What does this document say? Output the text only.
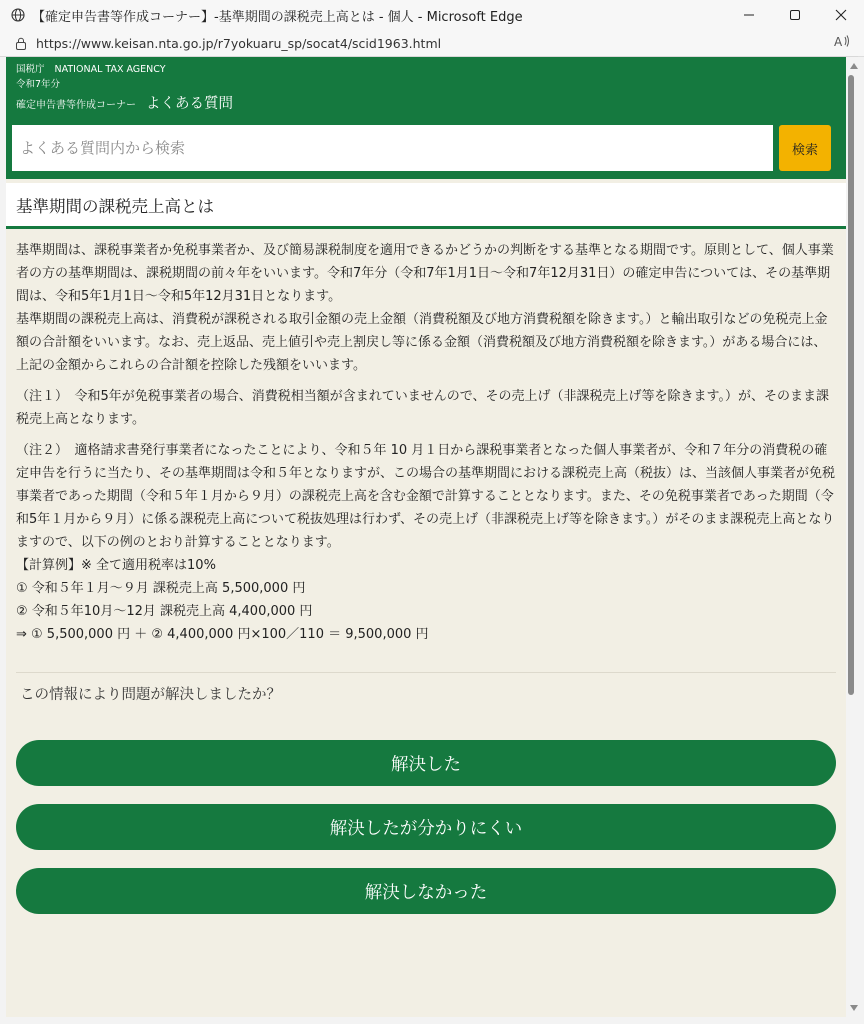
【確定申告書等作成コーナー】-基準期間の課税売上高とは - 個人 - Microsoft Edge
https://www.keisan.nta.go.jp/r7yokuaru_sp/socat4/scid1963.html	A
国税庁 NATIONAL TAX AGENCY
令和7年分
確定申告書等作成コーナー よくある質問
よくある質問内から検索
検索
基準期間の課税売上高とは

基準期間は、課税事業者か免税事業者か、及び簡易課税制度を適用できるかどうかの判断をする基準となる期間です。原則として、個人事業者の方の基準期間は、課税期間の前々年をいいます。令和7年分（令和7年1月1日～令和7年12月31日）の確定申告については、その基準期間は、令和5年1月1日～令和5年12月31日となります。

基準期間の課税売上高は、消費税が課税される取引金額の売上金額（消費税額及び地方消費税額を除きます。）と輸出取引などの免税売上金額の合計額をいいます。なお、売上返品、売上値引や売上割戻し等に係る金額（消費税額及び地方消費税額を除きます。）がある場合には、上記の金額からこれらの合計額を控除した残額をいいます。

（注１）　令和5年が免税事業者の場合、消費税相当額が含まれていませんので、その売上げ（非課税売上げ等を除きます。）が、そのまま課税売上高となります。

（注２）　適格請求書発行事業者になったことにより、令和５年 10 月１日から課税事業者となった個人事業者が、令和７年分の消費税の確定申告を行うに当たり、その基準期間は令和５年となりますが、この場合の基準期間における課税売上高（税抜）は、当該個人事業者が免税事業者であった期間（令和５年１月から９月）の課税売上高を含む金額で計算することとなります。また、その免税事業者であった期間（令和5年１月から９月）に係る課税売上高について税抜処理は行わず、その売上げ（非課税売上げ等を除きます。）がそのまま課税売上高となりますので、以下の例のとおり計算することとなります。

【計算例】※ 全て適用税率は10%

① 令和５年１月～９月 課税売上高 5,500,000 円

② 令和５年10月～12月 課税売上高 4,400,000 円

⇒ ① 5,500,000 円 ＋ ② 4,400,000 円×100／110 ＝ 9,500,000 円

この情報により問題が解決しましたか？
解決した
解決したが分かりにくい
解決しなかった
